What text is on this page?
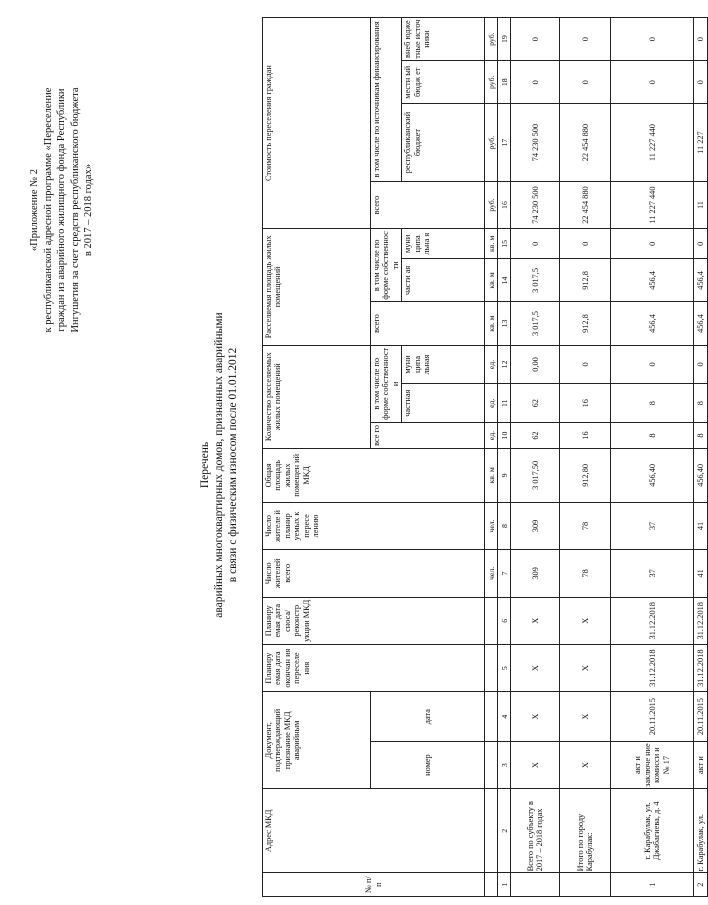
«Приложение № 2 к республиканской адресной программе «Переселение граждан из аварийного жилищного фонда Республики Ингушетия за счет средств республиканского бюджета в 2017 – 2018 годах»
Перечень аварийных многоквартирных домов, признанных аварийными в связи с физическим износом после 01.01.2012
№ п/ п	Адрес МКД	Документ, подтверждающий признание МКД аварийным		Планиру емая дата окончан ия переселе ния	Планиру емая дата сноса/ реконстр укции МКД	Число жителей всего	Число жителе й планир уемых к пересе лению	Общая площадь жилых помещен ий МКД	Количество расселяемых жилых помещений			Расселяемая площадь жилых помещений			Стоимость переселения граждан			
		номер	дата						все го	в том числе по форме собственност и		всего	в том числе по форме собственнос ти		всего	в том числе по источникам финансирования		
										частная	муни ципа льная		части ая	муни ципа льна я		республиканский бюджет	местн ый бюдж ет	внеб юдже тные источ ники
						чел.	чел.	кв. м	ед.	ед.	ед.	кв. м	кв. м	кв. м	руб.	руб.	руб.	руб.
1	2	3	4	5	6	7	8	9	10	11	12	13	14	15	16	17	18	19
	Всего по субъекту в 2017 – 2018 годах	Х	Х	Х	Х	309	309	3 017,50	62	62	0,00	3 017,5	3 017,5	0	74 230 500	74 230 500	0	0
	Итого по городу Карабулак:	Х	Х	Х	Х	78	78	912,80	16	16	0	912,8	912,8	0	22 454 880	22 454 880	0	0
1	г. Карабулак, ул. Джабагиева, д. 4	акт и заключе ние комисси и № 17	20.11.2015	31.12.2018	31.12.2018	37	37	456,40	8	8	0	456,4	456,4	0	11 227 440	11 227 440	0	0
2	г. Карабулак, ул.	акт и	20.11.2015	31.12.2018	31.12.2018	41	41	456,40	8	8	0	456,4	456,4	0	11	11 227	0	0
